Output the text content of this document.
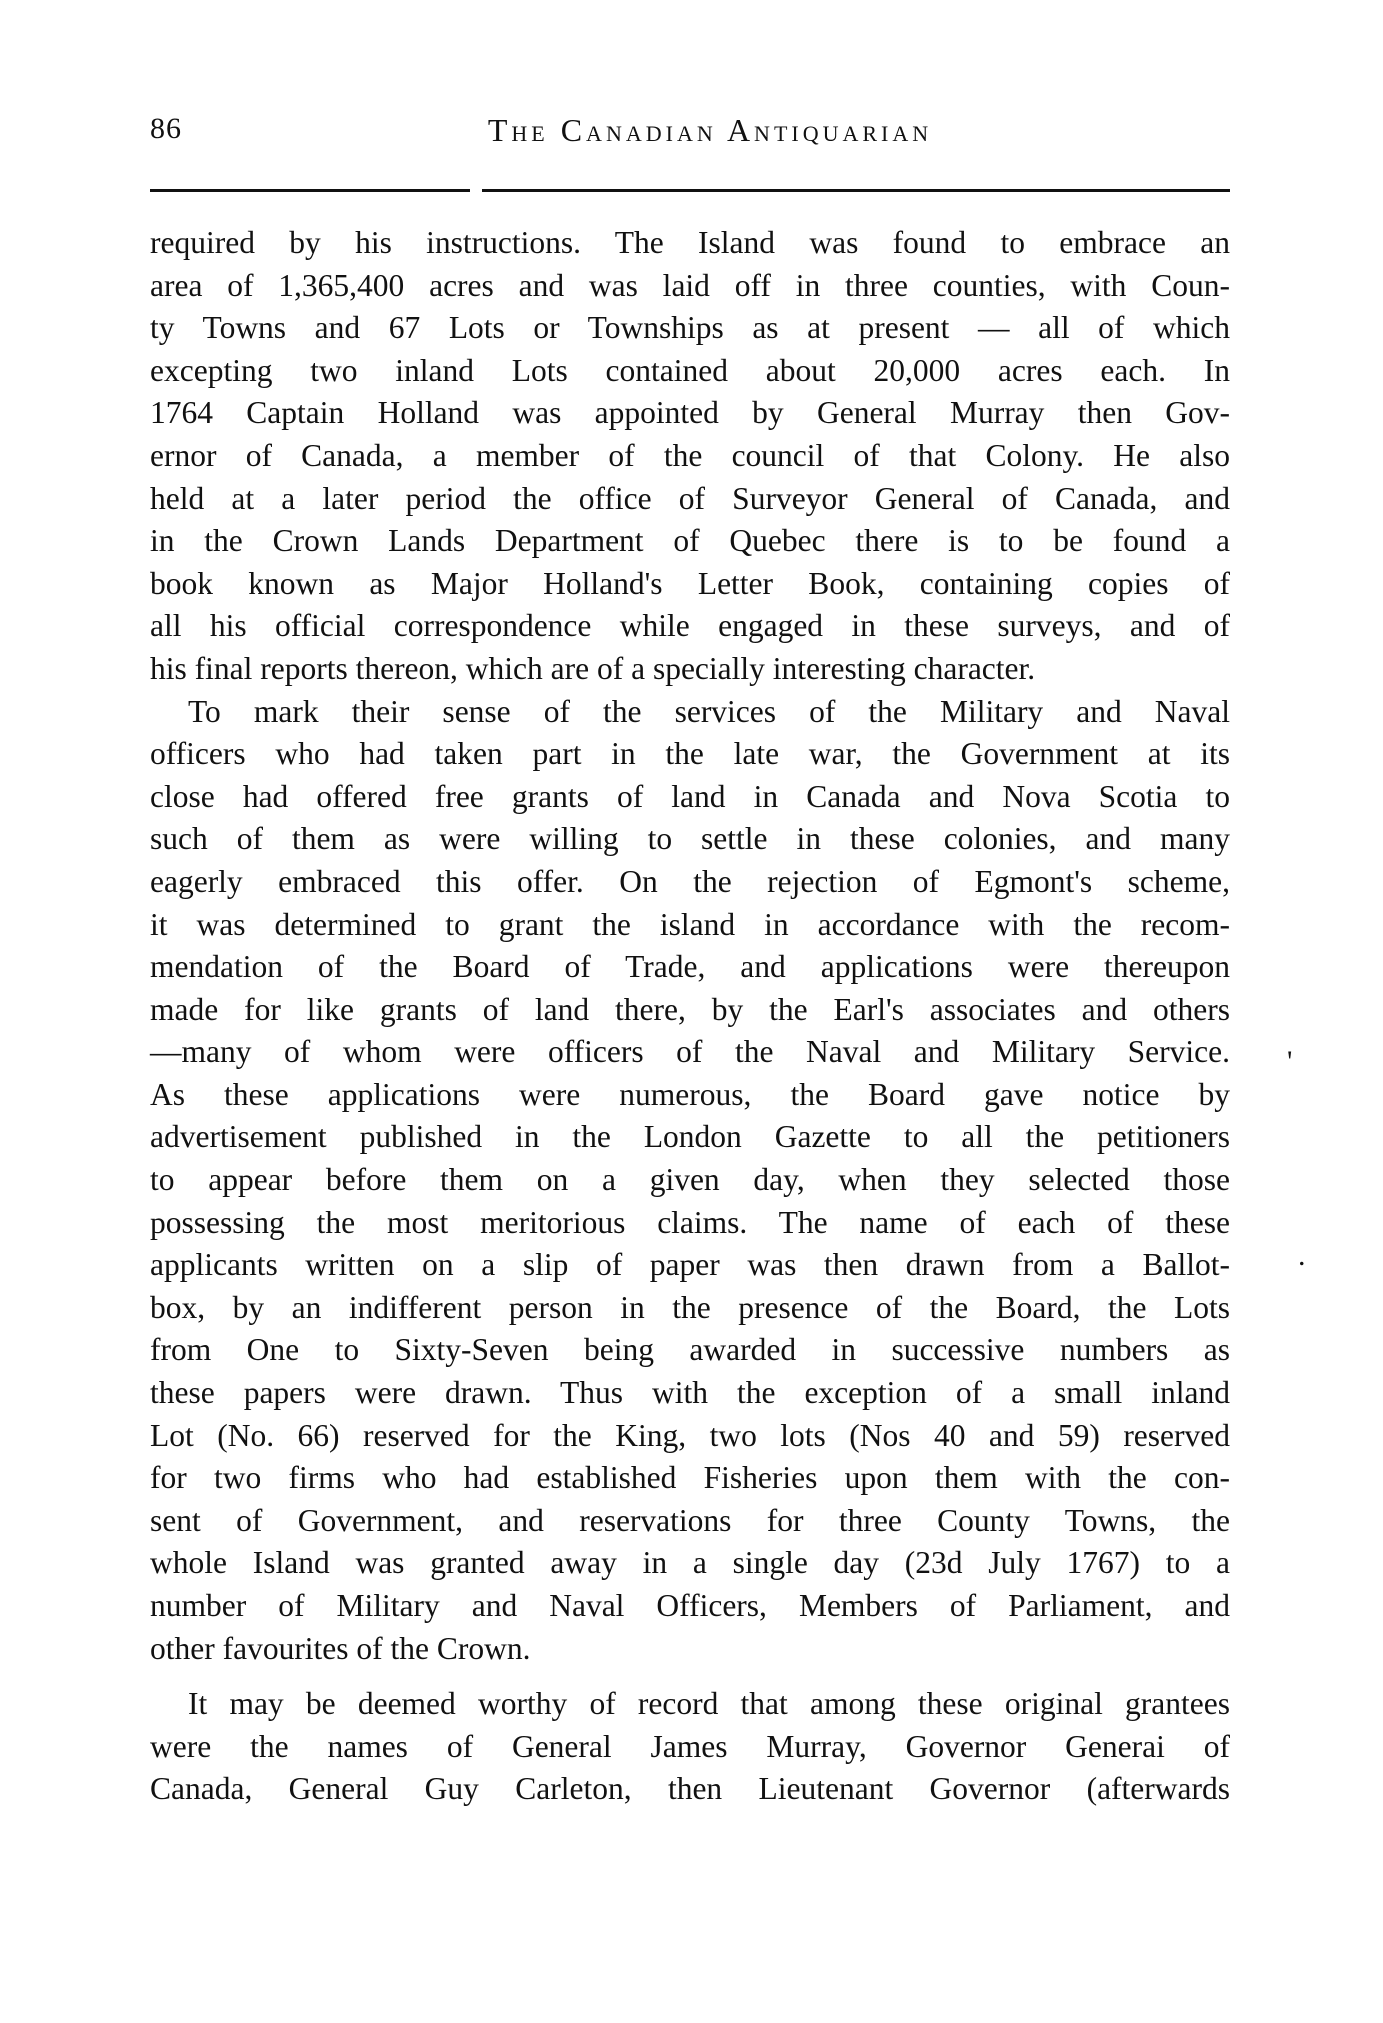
86	The Canadian Antiquarian
required by his instructions. The Island was found to embrace an
area of 1,365,400 acres and was laid off in three counties, with Coun-
ty Towns and 67 Lots or Townships as at present — all of which
excepting two inland Lots contained about 20,000 acres each. In
1764 Captain Holland was appointed by General Murray then Gov-
ernor of Canada, a member of the council of that Colony. He also
held at a later period the office of Surveyor General of Canada, and
in the Crown Lands Department of Quebec there is to be found a
book known as Major Holland's Letter Book, containing copies of
all his official correspondence while engaged in these surveys, and of
his final reports thereon, which are of a specially interesting character.
To mark their sense of the services of the Military and Naval
officers who had taken part in the late war, the Government at its
close had offered free grants of land in Canada and Nova Scotia to
such of them as were willing to settle in these colonies, and many
eagerly embraced this offer. On the rejection of Egmont's scheme,
it was determined to grant the island in accordance with the recom-
mendation of the Board of Trade, and applications were thereupon
made for like grants of land there, by the Earl's associates and others
—many of whom were officers of the Naval and Military Service.
As these applications were numerous, the Board gave notice by
advertisement published in the London Gazette to all the petitioners
to appear before them on a given day, when they selected those
possessing the most meritorious claims. The name of each of these
applicants written on a slip of paper was then drawn from a Ballot-
box, by an indifferent person in the presence of the Board, the Lots
from One to Sixty-Seven being awarded in successive numbers as
these papers were drawn. Thus with the exception of a small inland
Lot (No. 66) reserved for the King, two lots (Nos 40 and 59) reserved
for two firms who had established Fisheries upon them with the con-
sent of Government, and reservations for three County Towns, the
whole Island was granted away in a single day (23d July 1767) to a
number of Military and Naval Officers, Members of Parliament, and
other favourites of the Crown.
It may be deemed worthy of record that among these original grantees
were the names of General James Murray, Governor Generai of
Canada, General Guy Carleton, then Lieutenant Governor (afterwards
'
.
